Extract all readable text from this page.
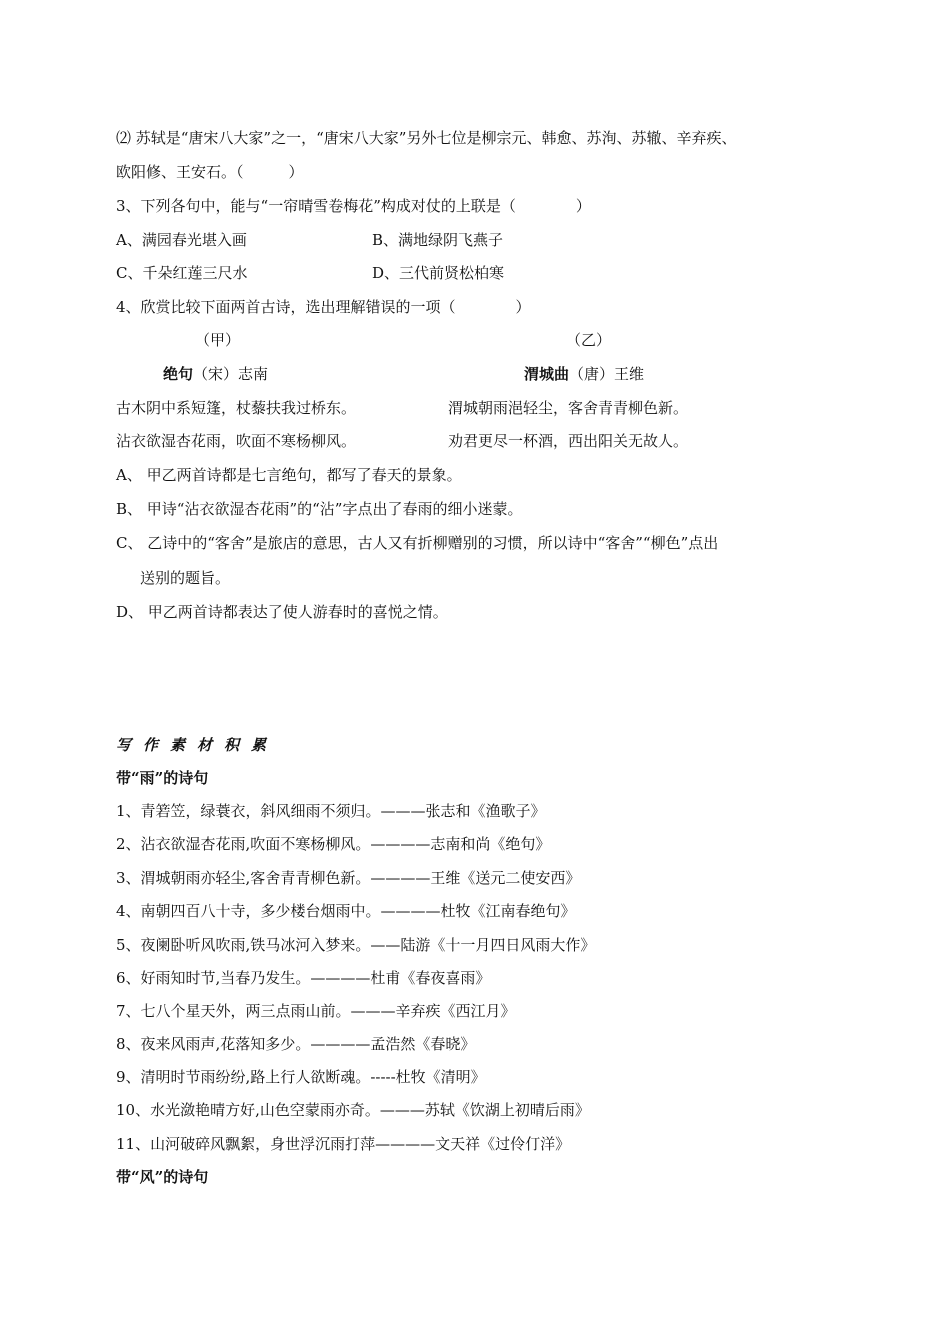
⑵ 苏轼是“唐宋八大家”之一，“唐宋八大家”另外七位是柳宗元、韩愈、苏洵、苏辙、辛弃疾、
欧阳修、王安石。（　　　）
3、下列各句中，能与“一帘晴雪卷梅花”构成对仗的上联是（　　　　）
A、满园春光堪入画	B、满地绿阴飞燕子
C、千朵红莲三尺水	D、三代前贤松柏寒
4、欣赏比较下面两首古诗，选出理解错误的一项（　　　　）
（甲）	（乙）
绝句（宋）志南	渭城曲（唐）王维
古木阴中系短篷，杖藜扶我过桥东。	渭城朝雨浥轻尘，客舍青青柳色新。
沾衣欲湿杏花雨，吹面不寒杨柳风。	劝君更尽一杯酒，西出阳关无故人。
A、 甲乙两首诗都是七言绝句，都写了春天的景象。
B、 甲诗“沾衣欲湿杏花雨”的“沾”字点出了春雨的细小迷蒙。
C、 乙诗中的“客舍”是旅店的意思，古人又有折柳赠别的习惯，所以诗中“客舍”“柳色”点出
送别的题旨。
D、 甲乙两首诗都表达了使人游春时的喜悦之情。
写作素材积累
带“雨”的诗句
1、青箬笠，绿蓑衣，斜风细雨不须归。———张志和《渔歌子》
2、沾衣欲湿杏花雨,吹面不寒杨柳风。————志南和尚《绝句》
3、渭城朝雨亦轻尘,客舍青青柳色新。————王维《送元二使安西》
4、南朝四百八十寺，多少楼台烟雨中。————杜牧《江南春绝句》
5、夜阑卧听风吹雨,铁马冰河入梦来。——陆游《十一月四日风雨大作》
6、好雨知时节,当春乃发生。————杜甫《春夜喜雨》
7、七八个星天外，两三点雨山前。———辛弃疾《西江月》
8、夜来风雨声,花落知多少。————孟浩然《春晓》
9、清明时节雨纷纷,路上行人欲断魂。-----杜牧《清明》
10、水光潋艳晴方好,山色空蒙雨亦奇。———苏轼《饮湖上初晴后雨》
11、山河破碎风飘絮，身世浮沉雨打萍————文天祥《过伶仃洋》
带“风”的诗句
